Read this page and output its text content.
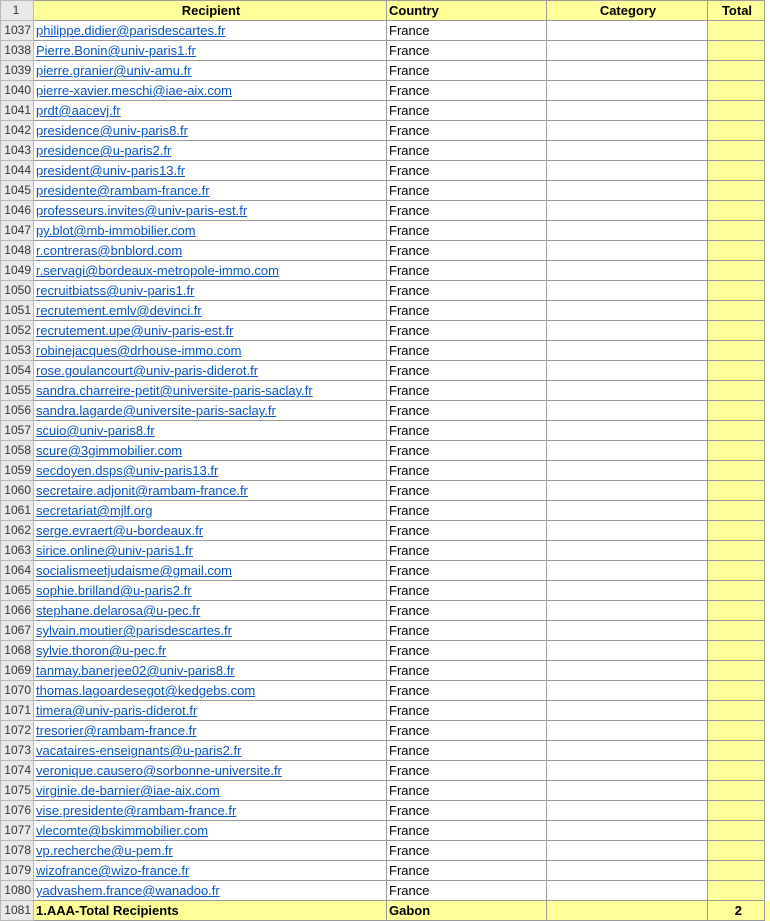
1	Recipient	Country	Category	Total	
1037	philippe.didier@parisdescartes.fr	France			
1038	Pierre.Bonin@univ-paris1.fr	France			
1039	pierre.granier@univ-amu.fr	France			
1040	pierre-xavier.meschi@iae-aix.com	France			
1041	prdt@aacevj.fr	France			
1042	presidence@univ-paris8.fr	France			
1043	presidence@u-paris2.fr	France			
1044	president@univ-paris13.fr	France			
1045	presidente@rambam-france.fr	France			
1046	professeurs.invites@univ-paris-est.fr	France			
1047	py.blot@mb-immobilier.com	France			
1048	r.contreras@bnblord.com	France			
1049	r.servagi@bordeaux-metropole-immo.com	France			
1050	recruitbiatss@univ-paris1.fr	France			
1051	recrutement.emlv@devinci.fr	France			
1052	recrutement.upe@univ-paris-est.fr	France			
1053	robinejacques@drhouse-immo.com	France			
1054	rose.goulancourt@univ-paris-diderot.fr	France			
1055	sandra.charreire-petit@universite-paris-saclay.fr	France			
1056	sandra.lagarde@universite-paris-saclay.fr	France			
1057	scuio@univ-paris8.fr	France			
1058	scure@3gimmobilier.com	France			
1059	secdoyen.dsps@univ-paris13.fr	France			
1060	secretaire.adjonit@rambam-france.fr	France			
1061	secretariat@mjlf.org	France			
1062	serge.evraert@u-bordeaux.fr	France			
1063	sirice.online@univ-paris1.fr	France			
1064	socialismeetjudaisme@gmail.com	France			
1065	sophie.brilland@u-paris2.fr	France			
1066	stephane.delarosa@u-pec.fr	France			
1067	sylvain.moutier@parisdescartes.fr	France			
1068	sylvie.thoron@u-pec.fr	France			
1069	tanmay.banerjee02@univ-paris8.fr	France			
1070	thomas.lagoardesegot@kedgebs.com	France			
1071	timera@univ-paris-diderot.fr	France			
1072	tresorier@rambam-france.fr	France			
1073	vacataires-enseignants@u-paris2.fr	France			
1074	veronique.causero@sorbonne-universite.fr	France			
1075	virginie.de-barnier@iae-aix.com	France			
1076	vise.presidente@rambam-france.fr	France			
1077	vlecomte@bskimmobilier.com	France			
1078	vp.recherche@u-pem.fr	France			
1079	wizofrance@wizo-france.fr	France			
1080	yadvashem.france@wanadoo.fr	France			
1081	1.AAA-Total Recipients	Gabon		2	
